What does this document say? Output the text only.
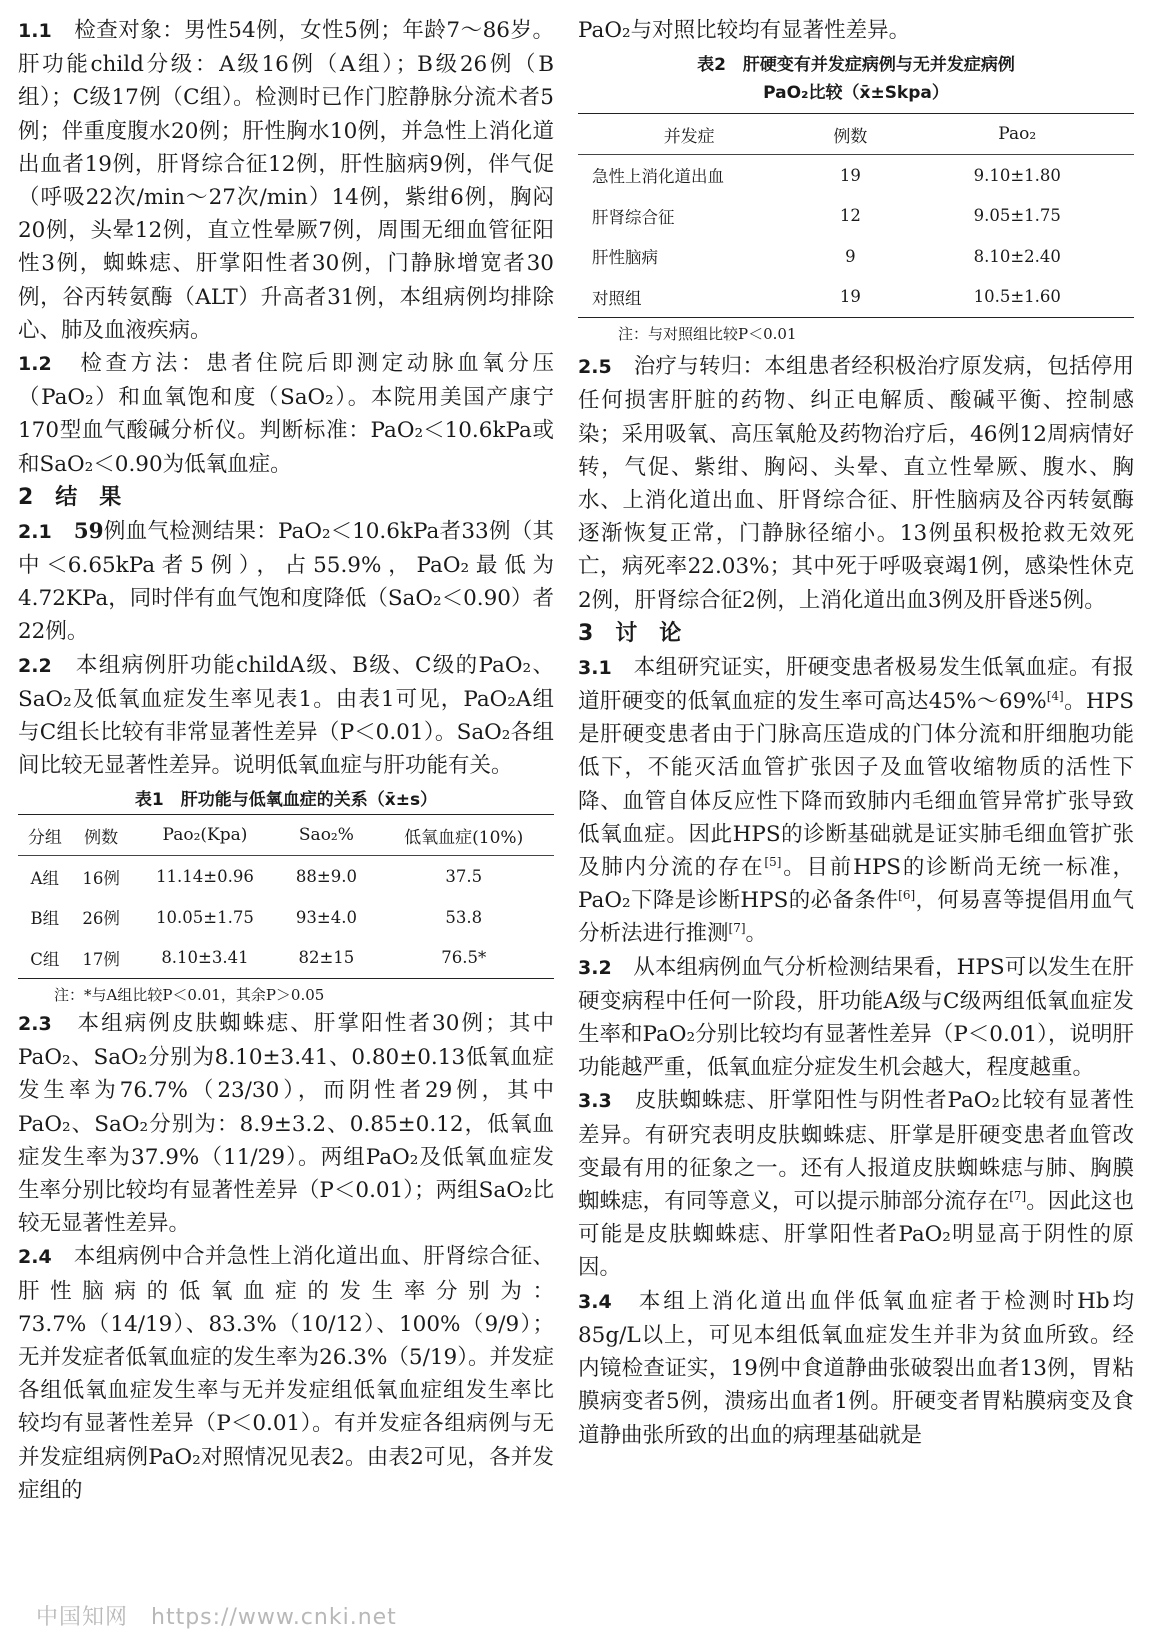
1.1　 检查对象：男性54例，女性5例；年龄7～86岁。肝功能child分级：A级16例（A组）；B级26例（B组）；C级17例（C组）。检测时已作门腔静脉分流术者5例；伴重度腹水20例；肝性胸水10例，并急性上消化道出血者19例，肝肾综合征12例，肝性脑病9例，伴气促（呼吸22次/min～27次/min）14例，紫绀6例，胸闷20例，头晕12例，直立性晕厥7例，周围无细血管征阳性3例，蜘蛛痣、肝掌阳性者30例，门静脉增宽者30例，谷丙转氨酶（ALT）升高者31例，本组病例均排除心、肺及血液疾病。

1.2　 检查方法：患者住院后即测定动脉血氧分压（PaO₂）和血氧饱和度（SaO₂）。本院用美国产康宁170型血气酸碱分析仪。判断标准：PaO₂＜10.6kPa或和SaO₂＜0.90为低氧血症。

2　结　果

2.1　 59例血气检测结果：PaO₂＜10.6kPa者33例（其中＜6.65kPa者5例），占55.9%，PaO₂最低为4.72KPa，同时伴有血气饱和度降低（SaO₂＜0.90）者22例。

2.2　 本组病例肝功能childA级、B级、C级的PaO₂、SaO₂及低氧血症发生率见表1。由表1可见，PaO₂A组与C组长比较有非常显著性差异（P＜0.01）。SaO₂各组间比较无显著性差异。说明低氧血症与肝功能有关。

表1　肝功能与低氧血症的关系（x̄±s）

分组	例数	Pao₂(Kpa)	Sao₂%	低氧血症(10%)
A组	16例	11.14±0.96	88±9.0	37.5
B组	26例	10.05±1.75	93±4.0	53.8
C组	17例	8.10±3.41	82±15	76.5*

注：*与A组比较P＜0.01，其余P＞0.05

2.3　 本组病例皮肤蜘蛛痣、肝掌阳性者30例；其中PaO₂、SaO₂分别为8.10±3.41、0.80±0.13低氧血症发生率为76.7%（23/30），而阴性者29例，其中PaO₂、SaO₂分别为：8.9±3.2、0.85±0.12，低氧血症发生率为37.9%（11/29）。两组PaO₂及低氧血症发生率分别比较均有显著性差异（P＜0.01）；两组SaO₂比较无显著性差异。

2.4　 本组病例中合并急性上消化道出血、肝肾综合征、肝性脑病的低氧血症的发生率分别为：73.7%（14/19）、83.3%（10/12）、100%（9/9）；无并发症者低氧血症的发生率为26.3%（5/19）。并发症各组低氧血症发生率与无并发症组低氧血症组发生率比较均有显著性差异（P＜0.01）。有并发症各组病例与无并发症组病例PaO₂对照情况见表2。由表2可见，各并发症组的

PaO₂与对照比较均有显著性差异。

表2　肝硬变有并发症病例与无并发症病例

PaO₂比较（x̄±Skpa）

并发症	例数	Pao₂
急性上消化道出血	19	9.10±1.80
肝肾综合征	12	9.05±1.75
肝性脑病	9	8.10±2.40
对照组	19	10.5±1.60

注：与对照组比较P＜0.01

2.5　 治疗与转归：本组患者经积极治疗原发病，包括停用任何损害肝脏的药物、纠正电解质、酸碱平衡、控制感染；采用吸氧、高压氧舱及药物治疗后，46例12周病情好转，气促、紫绀、胸闷、头晕、直立性晕厥、腹水、胸水、上消化道出血、肝肾综合征、肝性脑病及谷丙转氨酶逐渐恢复正常，门静脉径缩小。13例虽积极抢救无效死亡，病死率22.03%；其中死于呼吸衰竭1例，感染性休克2例，肝肾综合征2例，上消化道出血3例及肝昏迷5例。

3　讨　论

3.1　 本组研究证实，肝硬变患者极易发生低氧血症。有报道肝硬变的低氧血症的发生率可高达45%～69%[4]。HPS是肝硬变患者由于门脉高压造成的门体分流和肝细胞功能低下，不能灭活血管扩张因子及血管收缩物质的活性下降、血管自体反应性下降而致肺内毛细血管异常扩张导致低氧血症。因此HPS的诊断基础就是证实肺毛细血管扩张及肺内分流的存在[5]。目前HPS的诊断尚无统一标准，PaO₂下降是诊断HPS的必备条件[6]，何易喜等提倡用血气分析法进行推测[7]。

3.2　 从本组病例血气分析检测结果看，HPS可以发生在肝硬变病程中任何一阶段，肝功能A级与C级两组低氧血症发生率和PaO₂分别比较均有显著性差异（P＜0.01），说明肝功能越严重，低氧血症分症发生机会越大，程度越重。

3.3　 皮肤蜘蛛痣、肝掌阳性与阴性者PaO₂比较有显著性差异。有研究表明皮肤蜘蛛痣、肝掌是肝硬变患者血管改变最有用的征象之一。还有人报道皮肤蜘蛛痣与肺、胸膜蜘蛛痣，有同等意义，可以提示肺部分流存在[7]。因此这也可能是皮肤蜘蛛痣、肝掌阳性者PaO₂明显高于阴性的原因。

3.4　 本组上消化道出血伴低氧血症者于检测时Hb均85g/L以上，可见本组低氧血症发生并非为贫血所致。经内镜检查证实，19例中食道静曲张破裂出血者13例，胃粘膜病变者5例，溃疡出血者1例。肝硬变者胃粘膜病变及食道静曲张所致的出血的病理基础就是

中国知网　https://www.cnki.net
